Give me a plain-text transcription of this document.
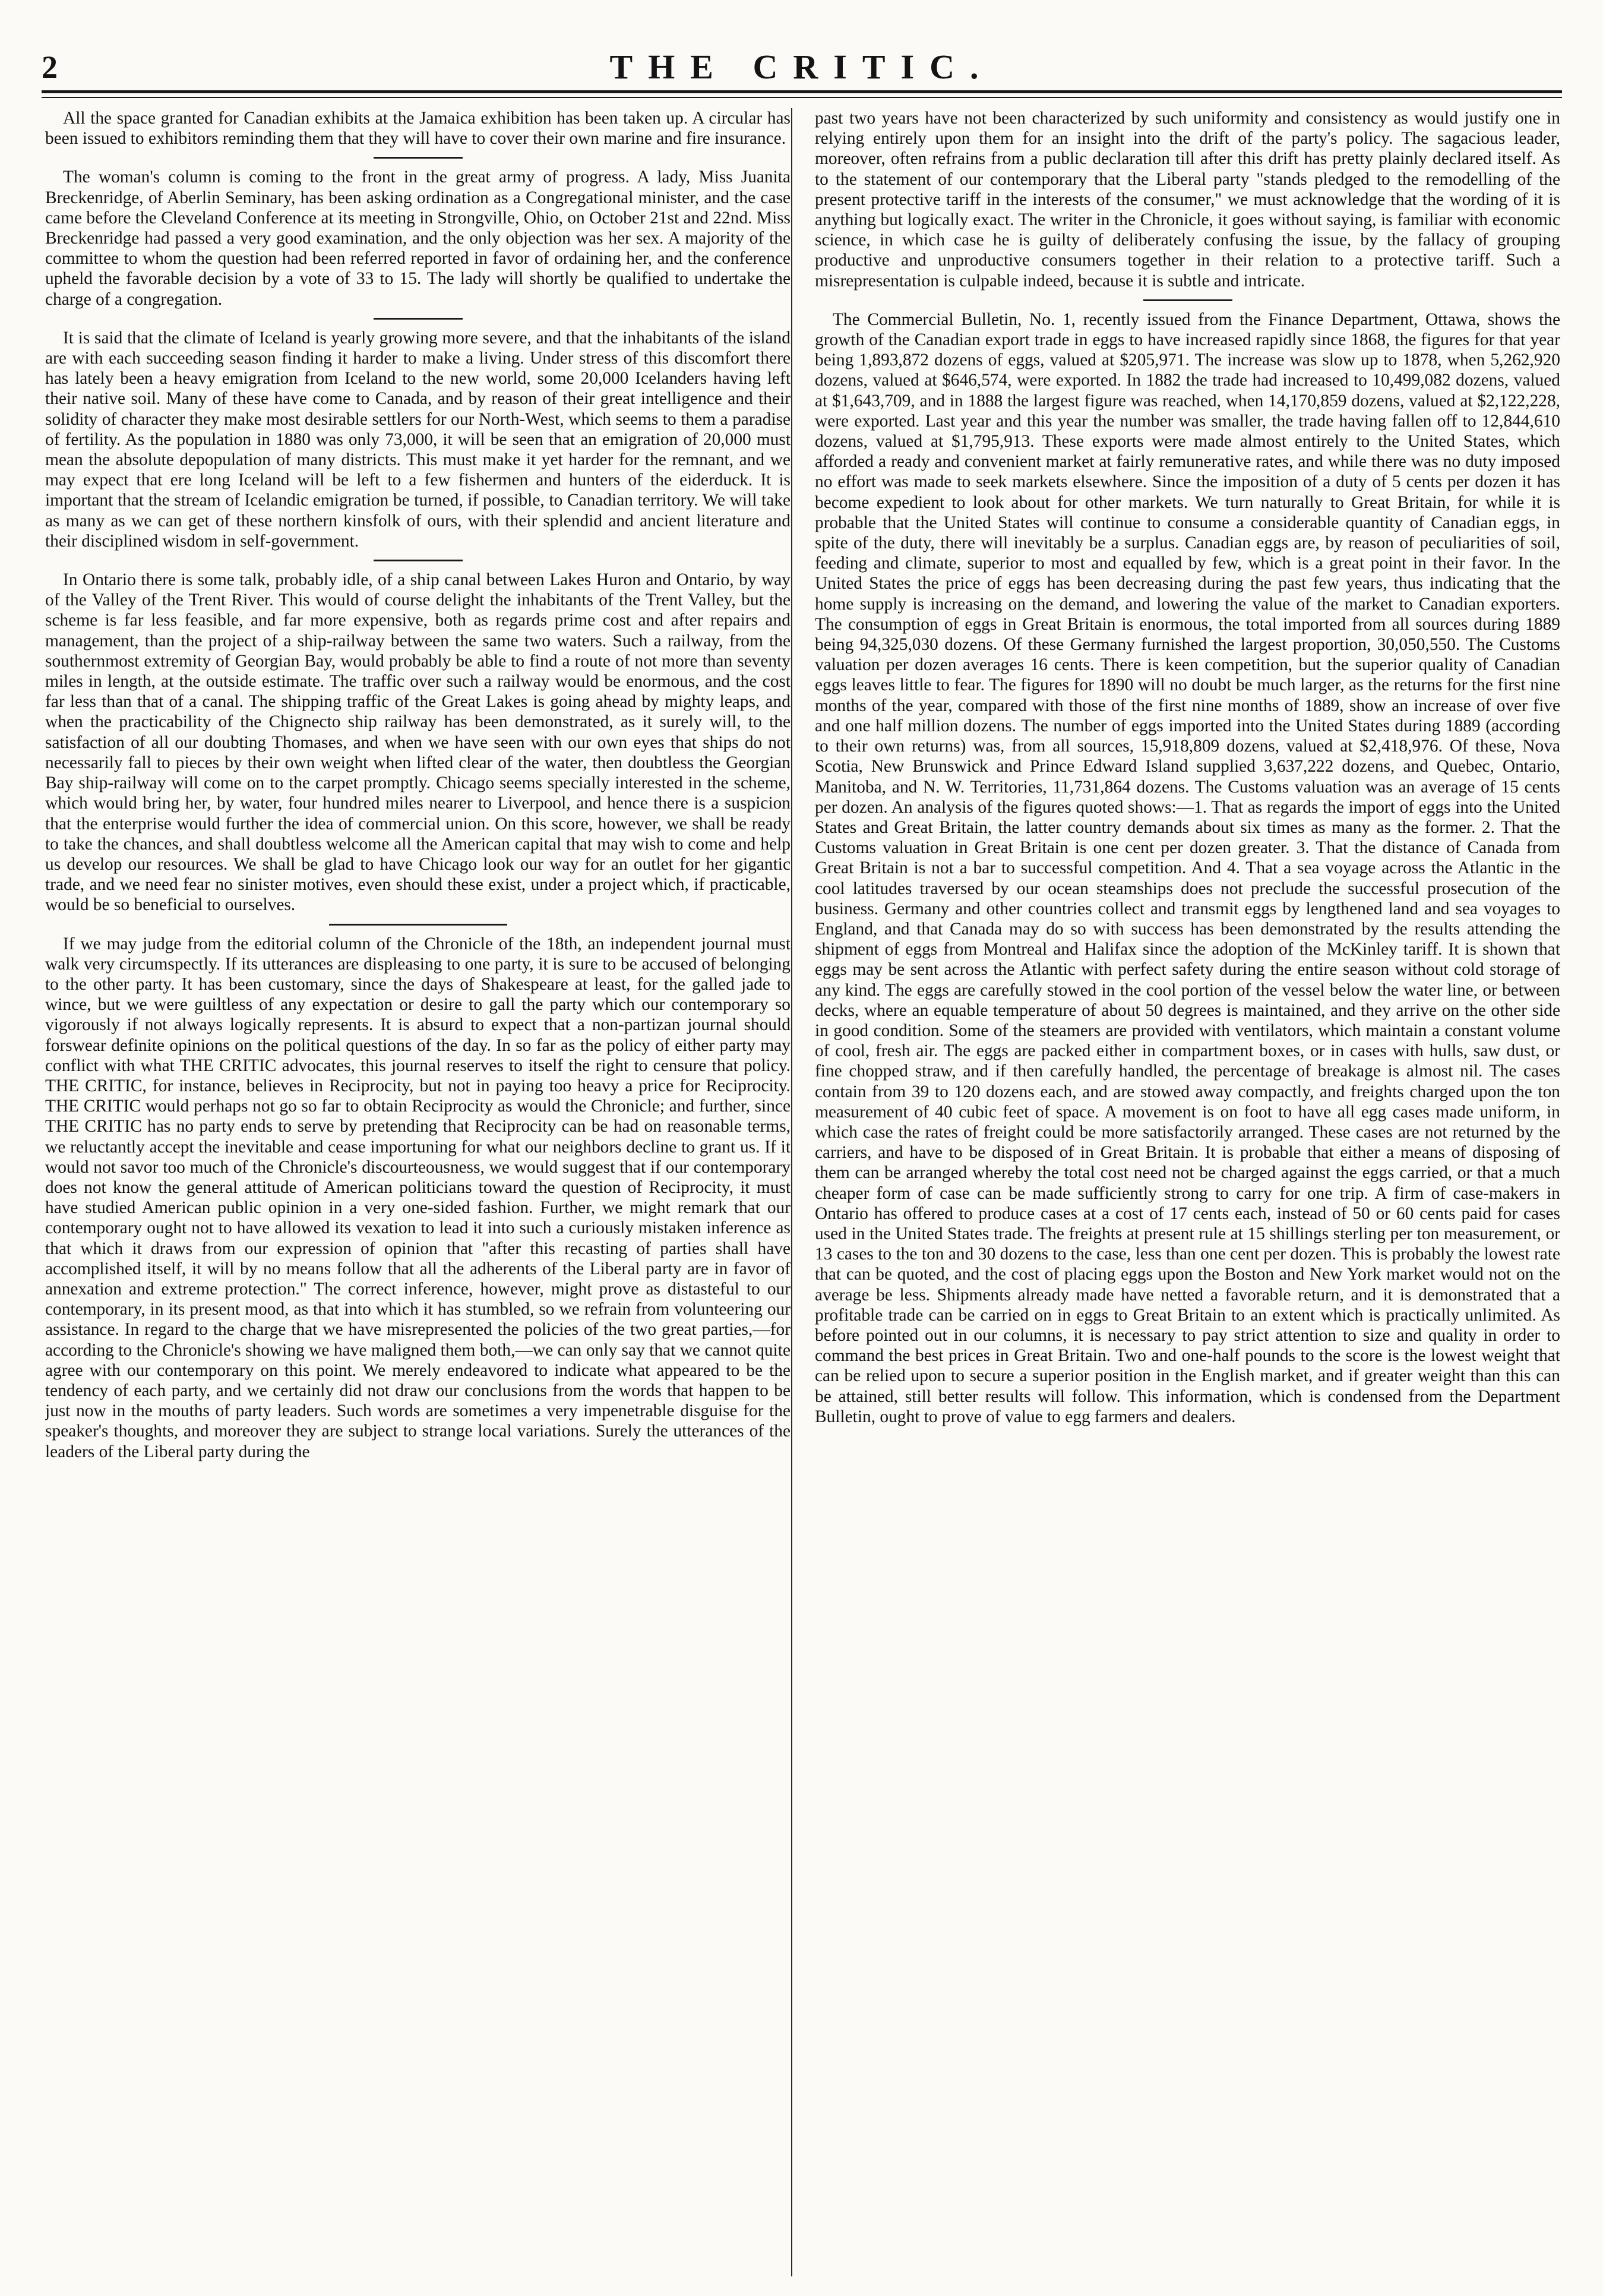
2	THE CRITIC.

All the space granted for Canadian exhibits at the Jamaica exhibition has been taken up. A circular has been issued to exhibitors reminding them that they will have to cover their own marine and fire insurance.

The woman's column is coming to the front in the great army of progress. A lady, Miss Juanita Breckenridge, of Aberlin Seminary, has been asking ordination as a Congregational minister, and the case came before the Cleveland Conference at its meeting in Strongville, Ohio, on October 21st and 22nd. Miss Breckenridge had passed a very good examination, and the only objection was her sex. A majority of the committee to whom the question had been referred reported in favor of ordaining her, and the conference upheld the favorable decision by a vote of 33 to 15. The lady will shortly be qualified to undertake the charge of a congregation.

It is said that the climate of Iceland is yearly growing more severe, and that the inhabitants of the island are with each succeeding season finding it harder to make a living. Under stress of this discomfort there has lately been a heavy emigration from Iceland to the new world, some 20,000 Icelanders having left their native soil. Many of these have come to Canada, and by reason of their great intelligence and their solidity of character they make most desirable settlers for our North-West, which seems to them a paradise of fertility. As the population in 1880 was only 73,000, it will be seen that an emigration of 20,000 must mean the absolute depopulation of many districts. This must make it yet harder for the remnant, and we may expect that ere long Iceland will be left to a few fishermen and hunters of the eiderduck. It is important that the stream of Icelandic emigration be turned, if possible, to Canadian territory. We will take as many as we can get of these northern kinsfolk of ours, with their splendid and ancient literature and their disciplined wisdom in self-government.

In Ontario there is some talk, probably idle, of a ship canal between Lakes Huron and Ontario, by way of the Valley of the Trent River. This would of course delight the inhabitants of the Trent Valley, but the scheme is far less feasible, and far more expensive, both as regards prime cost and after repairs and management, than the project of a ship-railway between the same two waters. Such a railway, from the southernmost extremity of Georgian Bay, would probably be able to find a route of not more than seventy miles in length, at the outside estimate. The traffic over such a railway would be enormous, and the cost far less than that of a canal. The shipping traffic of the Great Lakes is going ahead by mighty leaps, and when the practicability of the Chignecto ship railway has been demonstrated, as it surely will, to the satisfaction of all our doubting Thomases, and when we have seen with our own eyes that ships do not necessarily fall to pieces by their own weight when lifted clear of the water, then doubtless the Georgian Bay ship-railway will come on to the carpet promptly. Chicago seems specially interested in the scheme, which would bring her, by water, four hundred miles nearer to Liverpool, and hence there is a suspicion that the enterprise would further the idea of commercial union. On this score, however, we shall be ready to take the chances, and shall doubtless welcome all the American capital that may wish to come and help us develop our resources. We shall be glad to have Chicago look our way for an outlet for her gigantic trade, and we need fear no sinister motives, even should these exist, under a project which, if practicable, would be so beneficial to ourselves.

If we may judge from the editorial column of the Chronicle of the 18th, an independent journal must walk very circumspectly. If its utterances are displeasing to one party, it is sure to be accused of belonging to the other party. It has been customary, since the days of Shakespeare at least, for the galled jade to wince, but we were guiltless of any expectation or desire to gall the party which our contemporary so vigorously if not always logically represents. It is absurd to expect that a non-partizan journal should forswear definite opinions on the political questions of the day. In so far as the policy of either party may conflict with what THE CRITIC advocates, this journal reserves to itself the right to censure that policy. THE CRITIC, for instance, believes in Reciprocity, but not in paying too heavy a price for Reciprocity. THE CRITIC would perhaps not go so far to obtain Reciprocity as would the Chronicle; and further, since THE CRITIC has no party ends to serve by pretending that Reciprocity can be had on reasonable terms, we reluctantly accept the inevitable and cease importuning for what our neighbors decline to grant us. If it would not savor too much of the Chronicle's discourteousness, we would suggest that if our contemporary does not know the general attitude of American politicians toward the question of Reciprocity, it must have studied American public opinion in a very one-sided fashion. Further, we might remark that our contemporary ought not to have allowed its vexation to lead it into such a curiously mistaken inference as that which it draws from our expression of opinion that "after this recasting of parties shall have accomplished itself, it will by no means follow that all the adherents of the Liberal party are in favor of annexation and extreme protection." The correct inference, however, might prove as distasteful to our contemporary, in its present mood, as that into which it has stumbled, so we refrain from volunteering our assistance. In regard to the charge that we have misrepresented the policies of the two great parties,—for according to the Chronicle's showing we have maligned them both,—we can only say that we cannot quite agree with our contemporary on this point. We merely endeavored to indicate what appeared to be the tendency of each party, and we certainly did not draw our conclusions from the words that happen to be just now in the mouths of party leaders. Such words are sometimes a very impenetrable disguise for the speaker's thoughts, and moreover they are subject to strange local variations. Surely the utterances of the leaders of the Liberal party during the

past two years have not been characterized by such uniformity and consistency as would justify one in relying entirely upon them for an insight into the drift of the party's policy. The sagacious leader, moreover, often refrains from a public declaration till after this drift has pretty plainly declared itself. As to the statement of our contemporary that the Liberal party "stands pledged to the remodelling of the present protective tariff in the interests of the consumer," we must acknowledge that the wording of it is anything but logically exact. The writer in the Chronicle, it goes without saying, is familiar with economic science, in which case he is guilty of deliberately confusing the issue, by the fallacy of grouping productive and unproductive consumers together in their relation to a protective tariff. Such a misrepresentation is culpable indeed, because it is subtle and intricate.

The Commercial Bulletin, No. 1, recently issued from the Finance Department, Ottawa, shows the growth of the Canadian export trade in eggs to have increased rapidly since 1868, the figures for that year being 1,893,872 dozens of eggs, valued at $205,971. The increase was slow up to 1878, when 5,262,920 dozens, valued at $646,574, were exported. In 1882 the trade had increased to 10,499,082 dozens, valued at $1,643,709, and in 1888 the largest figure was reached, when 14,170,859 dozens, valued at $2,122,228, were exported. Last year and this year the number was smaller, the trade having fallen off to 12,844,610 dozens, valued at $1,795,913. These exports were made almost entirely to the United States, which afforded a ready and convenient market at fairly remunerative rates, and while there was no duty imposed no effort was made to seek markets elsewhere. Since the imposition of a duty of 5 cents per dozen it has become expedient to look about for other markets. We turn naturally to Great Britain, for while it is probable that the United States will continue to consume a considerable quantity of Canadian eggs, in spite of the duty, there will inevitably be a surplus. Canadian eggs are, by reason of peculiarities of soil, feeding and climate, superior to most and equalled by few, which is a great point in their favor. In the United States the price of eggs has been decreasing during the past few years, thus indicating that the home supply is increasing on the demand, and lowering the value of the market to Canadian exporters. The consumption of eggs in Great Britain is enormous, the total imported from all sources during 1889 being 94,325,030 dozens. Of these Germany furnished the largest proportion, 30,050,550. The Customs valuation per dozen averages 16 cents. There is keen competition, but the superior quality of Canadian eggs leaves little to fear. The figures for 1890 will no doubt be much larger, as the returns for the first nine months of the year, compared with those of the first nine months of 1889, show an increase of over five and one half million dozens. The number of eggs imported into the United States during 1889 (according to their own returns) was, from all sources, 15,918,809 dozens, valued at $2,418,976. Of these, Nova Scotia, New Brunswick and Prince Edward Island supplied 3,637,222 dozens, and Quebec, Ontario, Manitoba, and N. W. Territories, 11,731,864 dozens. The Customs valuation was an average of 15 cents per dozen. An analysis of the figures quoted shows:—1. That as regards the import of eggs into the United States and Great Britain, the latter country demands about six times as many as the former. 2. That the Customs valuation in Great Britain is one cent per dozen greater. 3. That the distance of Canada from Great Britain is not a bar to successful competition. And 4. That a sea voyage across the Atlantic in the cool latitudes traversed by our ocean steamships does not preclude the successful prosecution of the business. Germany and other countries collect and transmit eggs by lengthened land and sea voyages to England, and that Canada may do so with success has been demonstrated by the results attending the shipment of eggs from Montreal and Halifax since the adoption of the McKinley tariff. It is shown that eggs may be sent across the Atlantic with perfect safety during the entire season without cold storage of any kind. The eggs are carefully stowed in the cool portion of the vessel below the water line, or between decks, where an equable temperature of about 50 degrees is maintained, and they arrive on the other side in good condition. Some of the steamers are provided with ventilators, which maintain a constant volume of cool, fresh air. The eggs are packed either in compartment boxes, or in cases with hulls, saw dust, or fine chopped straw, and if then carefully handled, the percentage of breakage is almost nil. The cases contain from 39 to 120 dozens each, and are stowed away compactly, and freights charged upon the ton measurement of 40 cubic feet of space. A movement is on foot to have all egg cases made uniform, in which case the rates of freight could be more satisfactorily arranged. These cases are not returned by the carriers, and have to be disposed of in Great Britain. It is probable that either a means of disposing of them can be arranged whereby the total cost need not be charged against the eggs carried, or that a much cheaper form of case can be made sufficiently strong to carry for one trip. A firm of case-makers in Ontario has offered to produce cases at a cost of 17 cents each, instead of 50 or 60 cents paid for cases used in the United States trade. The freights at present rule at 15 shillings sterling per ton measurement, or 13 cases to the ton and 30 dozens to the case, less than one cent per dozen. This is probably the lowest rate that can be quoted, and the cost of placing eggs upon the Boston and New York market would not on the average be less. Shipments already made have netted a favorable return, and it is demonstrated that a profitable trade can be carried on in eggs to Great Britain to an extent which is practically unlimited. As before pointed out in our columns, it is necessary to pay strict attention to size and quality in order to command the best prices in Great Britain. Two and one-half pounds to the score is the lowest weight that can be relied upon to secure a superior position in the English market, and if greater weight than this can be attained, still better results will follow. This information, which is condensed from the Department Bulletin, ought to prove of value to egg farmers and dealers.
